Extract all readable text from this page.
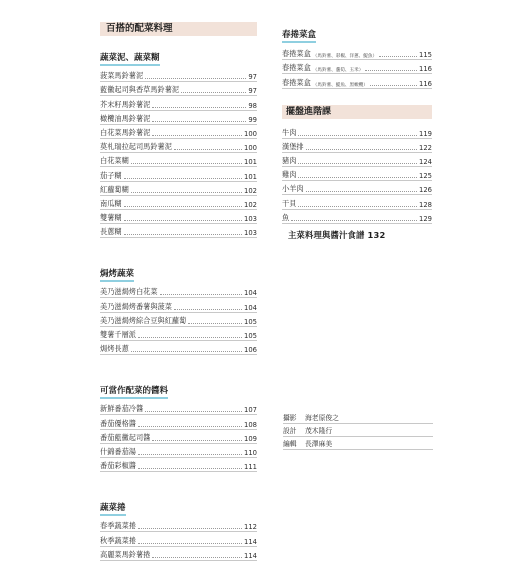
百搭的配菜料理
蔬菜泥、蔬菜糊
菠菜馬鈴薯泥	97
藍黴起司與香草馬鈴薯泥	97
芥末籽馬鈴薯泥	98
橄欖油馬鈴薯泥	99
白花菜馬鈴薯泥	100
莫札瑞拉起司馬鈴薯泥	100
白花菜糊	101
茄子糊	101
紅蘿蔔糊	102
南瓜糊	102
雙薯糊	103
長蔥糊	103
焗烤蔬菜
美乃滋焗烤白花菜	104
美乃滋焗烤番薯與菠菜	104
美乃滋焗烤綜合豆與紅蘿蔔	105
雙薯千層派	105
焗烤長蔥	106
可當作配菜的醬料
新鮮番茄冷醬	107
番茄優格醬	108
番茄藍黴起司醬	109
什錦番茄湯	110
番茄彩椒醬	111
蔬菜捲
春季蔬菜捲	112
秋季蔬菜捲	114
高麗菜馬鈴薯捲	114
春捲菜盒
春捲菜盒 （馬鈴薯、彩椒、洋蔥、鯷魚）	115
春捲菜盒 （馬鈴薯、蘆筍、玉米）	116
春捲菜盒 （馬鈴薯、鯷魚、黑橄欖）	116
擺盤進階課
牛肉	119
漢堡排	122
豬肉	124
雞肉	125
小羊肉	126
干貝	128
魚	129
主菜料理與醬汁食譜 132
攝影	海老原俊之
設計	茂木隆行
編輯	長澤麻美
